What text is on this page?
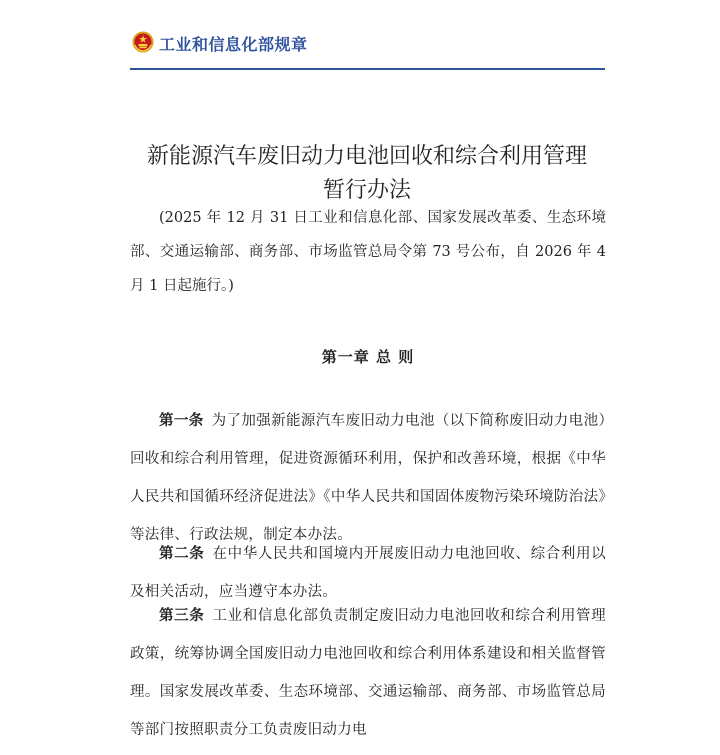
工业和信息化部规章
新能源汽车废旧动力电池回收和综合利用管理
暂行办法
(2025 年 12 月 31 日工业和信息化部、国家发展改革委、生态环境部、交通运输部、商务部、市场监管总局令第 73 号公布，自 2026 年 4 月 1 日起施行。)
第一章 总 则
第一条 为了加强新能源汽车废旧动力电池（以下简称废旧动力电池）回收和综合利用管理，促进资源循环利用，保护和改善环境，根据《中华人民共和国循环经济促进法》《中华人民共和国固体废物污染环境防治法》等法律、行政法规，制定本办法。
第二条 在中华人民共和国境内开展废旧动力电池回收、综合利用以及相关活动，应当遵守本办法。
第三条 工业和信息化部负责制定废旧动力电池回收和综合利用管理政策，统筹协调全国废旧动力电池回收和综合利用体系建设和相关监督管理。国家发展改革委、生态环境部、交通运输部、商务部、市场监管总局等部门按照职责分工负责废旧动力电
